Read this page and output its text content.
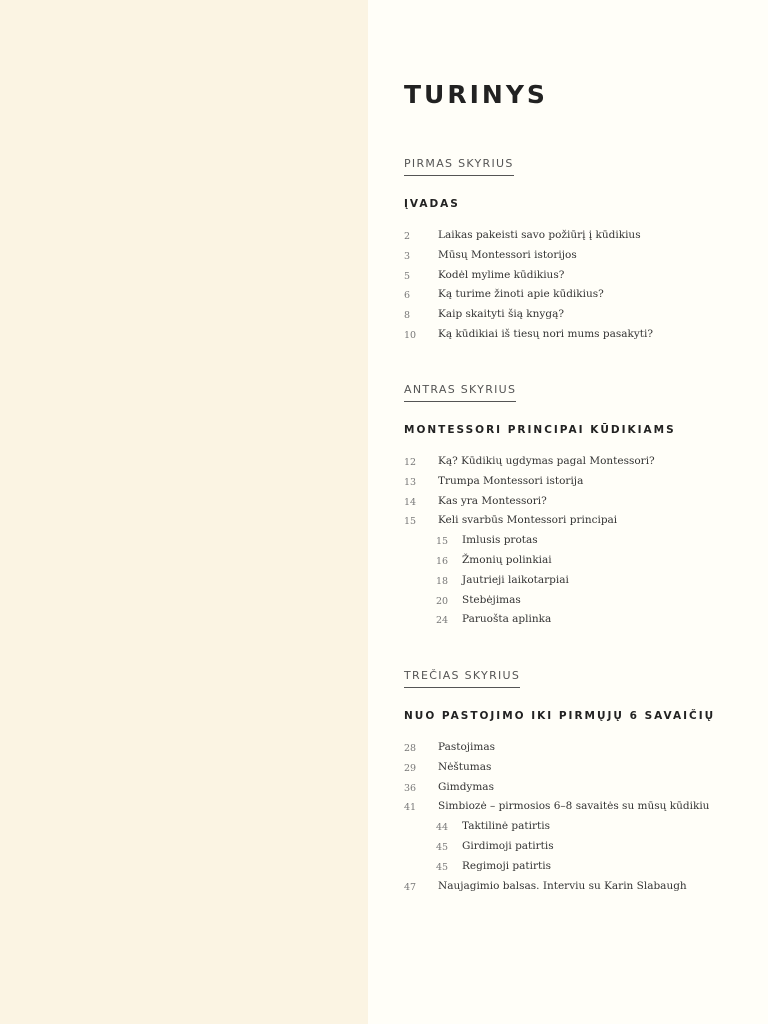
TURINYS
PIRMAS SKYRIUS
ĮVADAS
2	Laikas pakeisti savo požiūrį į kūdikius
3	Mūsų Montessori istorijos
5	Kodėl mylime kūdikius?
6	Ką turime žinoti apie kūdikius?
8	Kaip skaityti šią knygą?
10 Ką kūdikiai iš tiesų nori mums pasakyti?
ANTRAS SKYRIUS
MONTESSORI PRINCIPAI KŪDIKIAMS
12 Ką? Kūdikių ugdymas pagal Montessori?
13 Trumpa Montessori istorija
14 Kas yra Montessori?
15 Keli svarbūs Montessori principai
15 Imlusis protas
16 Žmonių polinkiai
18 Jautrieji laikotarpiai
20 Stebėjimas
24 Paruošta aplinka
TREČIAS SKYRIUS
NUO PASTOJIMO IKI PIRMŲJŲ 6 SAVAIČIŲ
28 Pastojimas
29 Nėštumas
36 Gimdymas
41 Simbiozė – pirmosios 6–8 savaitės su mūsų kūdikiu
44 Taktilinė patirtis
45 Girdimoji patirtis
45 Regimoji patirtis
47 Naujagimio balsas. Interviu su Karin Slabaugh
